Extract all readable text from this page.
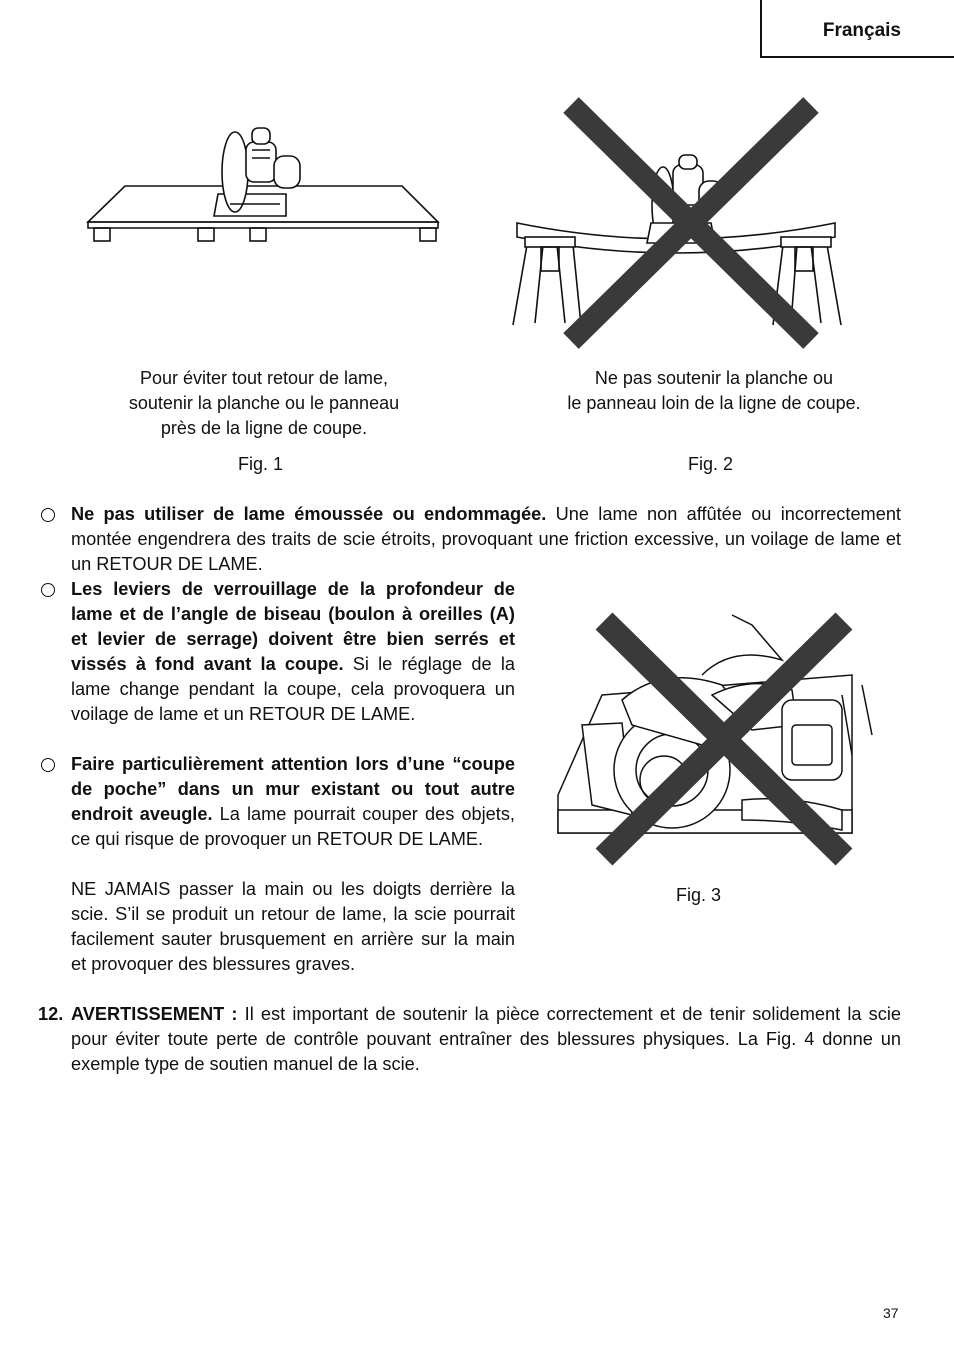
Français
Pour éviter tout retour de lame,
soutenir la planche ou le panneau
près de la ligne de coupe.
Ne pas soutenir la planche ou
le panneau loin de la ligne de coupe.
Fig. 1	Fig. 2
Ne pas utiliser de lame émoussée ou endommagée. Une lame non affûtée ou incorrectement montée engendrera des traits de scie étroits, provoquant une friction excessive, un voilage de lame et un RETOUR DE LAME.
Les leviers de verrouillage de la profondeur de lame et de l’angle de biseau (boulon à oreilles (A) et levier de serrage) doivent être bien serrés et vissés à fond avant la coupe. Si le réglage de la lame change pendant la coupe, cela provoquera un voilage de lame et un RETOUR DE LAME.
Faire particulièrement attention lors d’une “coupe de poche” dans un mur existant ou tout autre endroit aveugle. La lame pourrait couper des objets, ce qui risque de provoquer un RETOUR DE LAME.
NE JAMAIS passer la main ou les doigts derrière la scie. S’il se produit un retour de lame, la scie pourrait facilement sauter brusquement en arrière sur la main et provoquer des blessures graves.
Fig. 3
12. AVERTISSEMENT : Il est important de soutenir la pièce correctement et de tenir solidement la scie pour éviter toute perte de contrôle pouvant entraîner des blessures physiques. La Fig. 4 donne un exemple type de soutien manuel de la scie.
37
